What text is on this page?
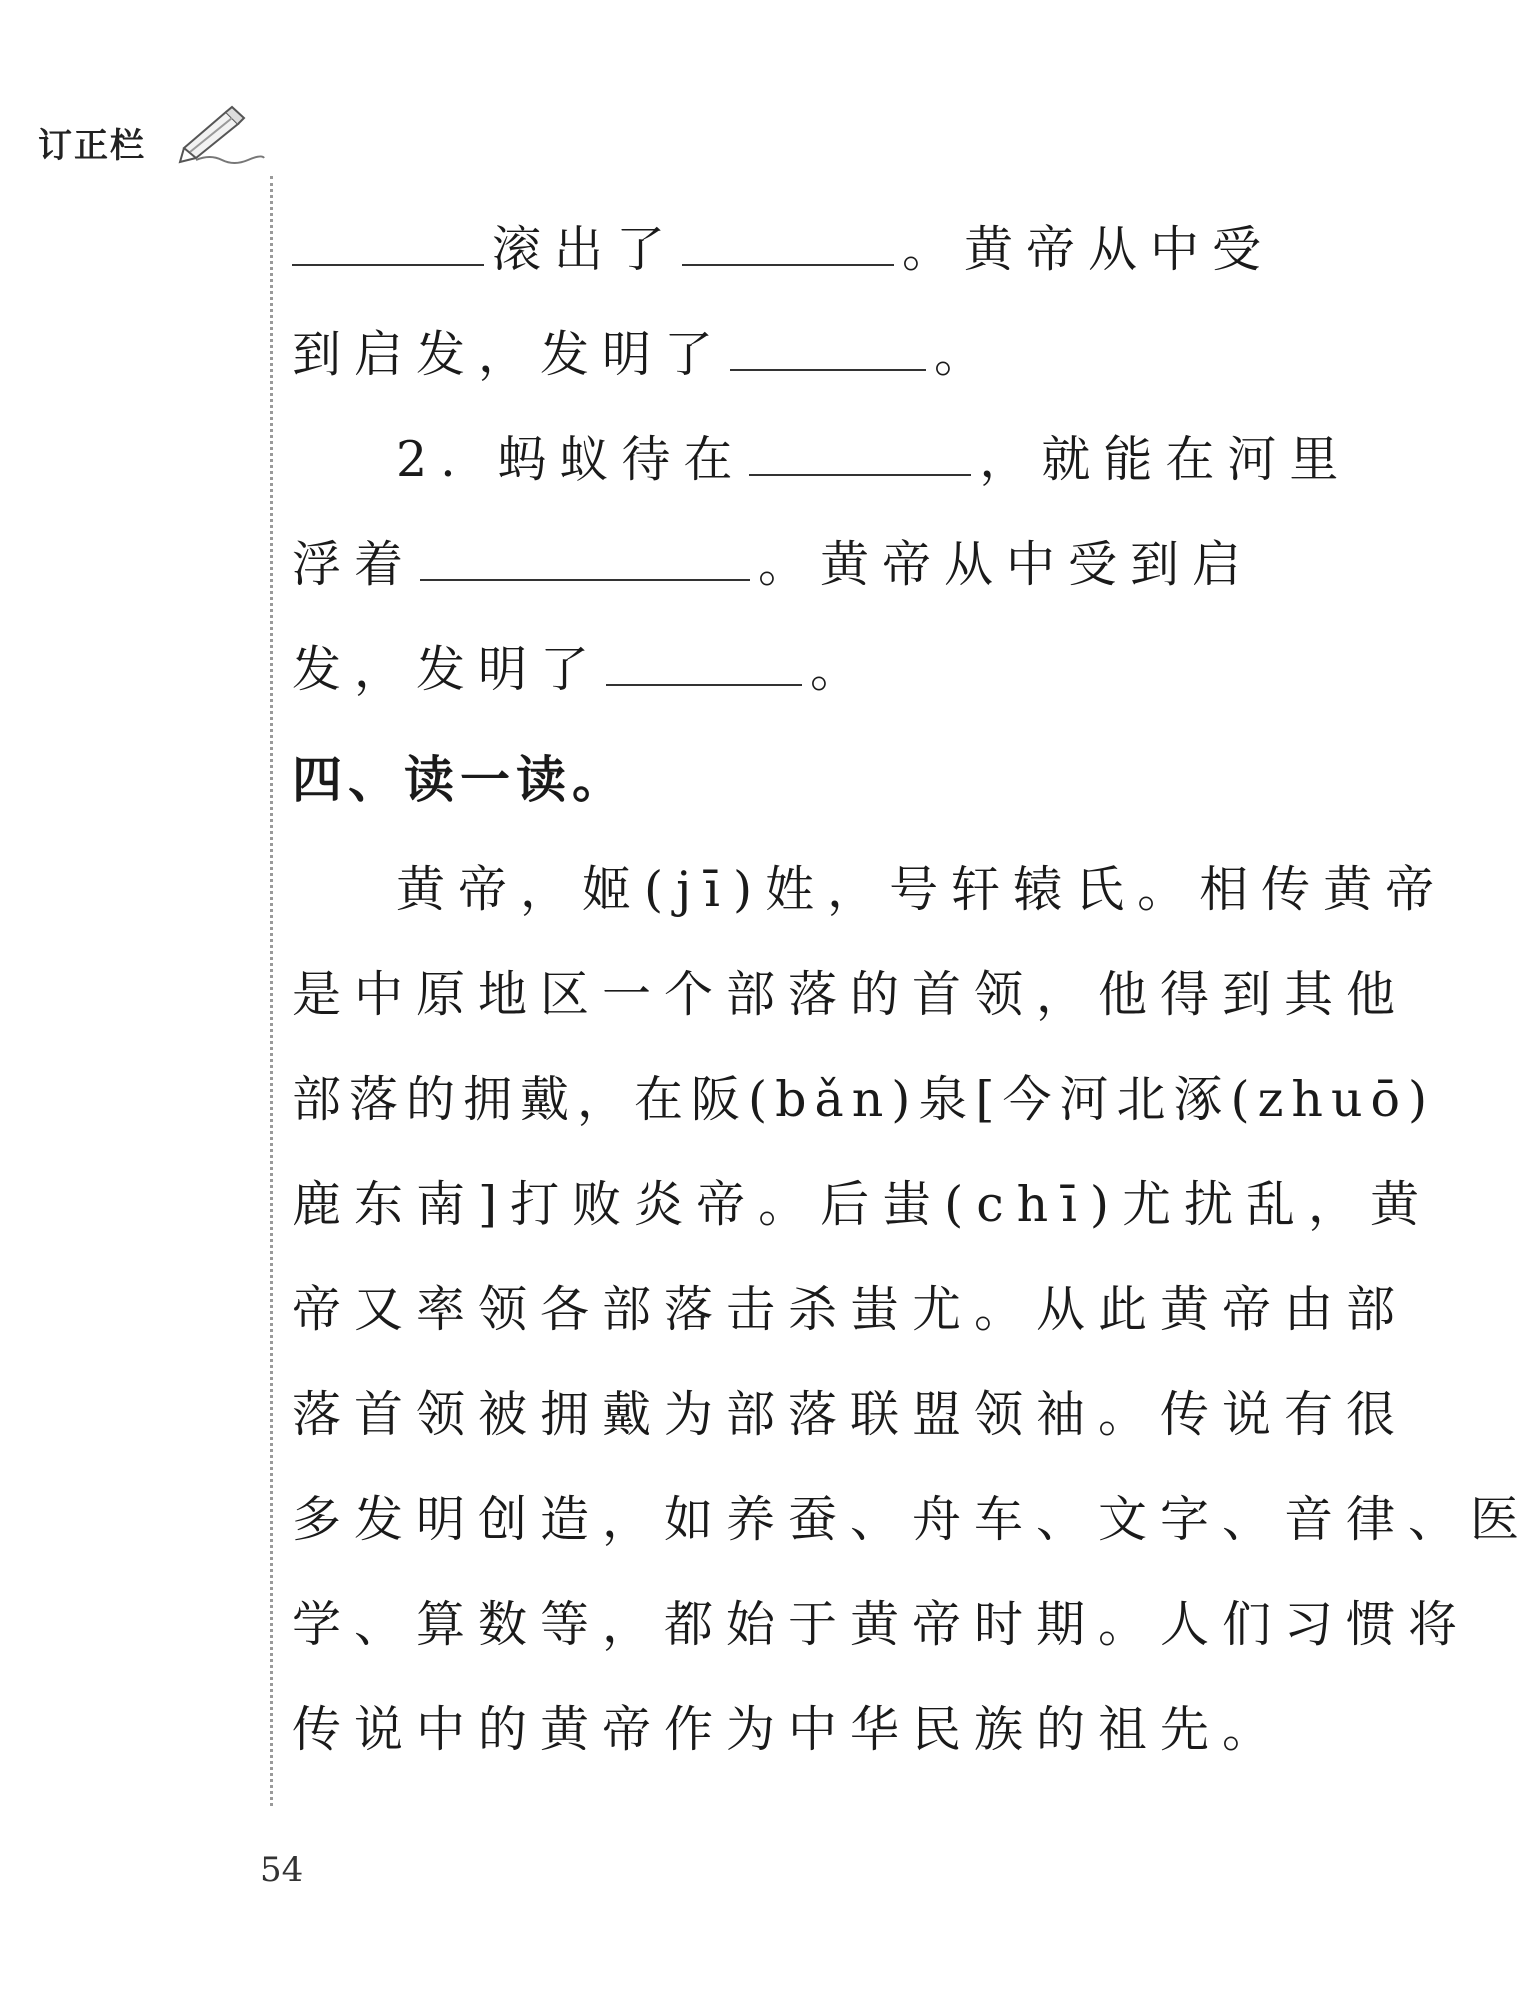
订正栏
滚出了	。黄帝从中受
到启发，发明了	。
2. 蚂蚁待在	，就能在河里
浮着	。黄帝从中受到启
发，发明了	。
四、读一读。
黄帝，姬(jī)姓，号轩辕氏。相传黄帝
是中原地区一个部落的首领，他得到其他
部落的拥戴，在阪(bǎn)泉[今河北涿(zhuō)
鹿东南]打败炎帝。后蚩(chī)尤扰乱，黄
帝又率领各部落击杀蚩尤。从此黄帝由部
落首领被拥戴为部落联盟领袖。传说有很
多发明创造，如养蚕、舟车、文字、音律、医
学、算数等，都始于黄帝时期。人们习惯将
传说中的黄帝作为中华民族的祖先。
54
